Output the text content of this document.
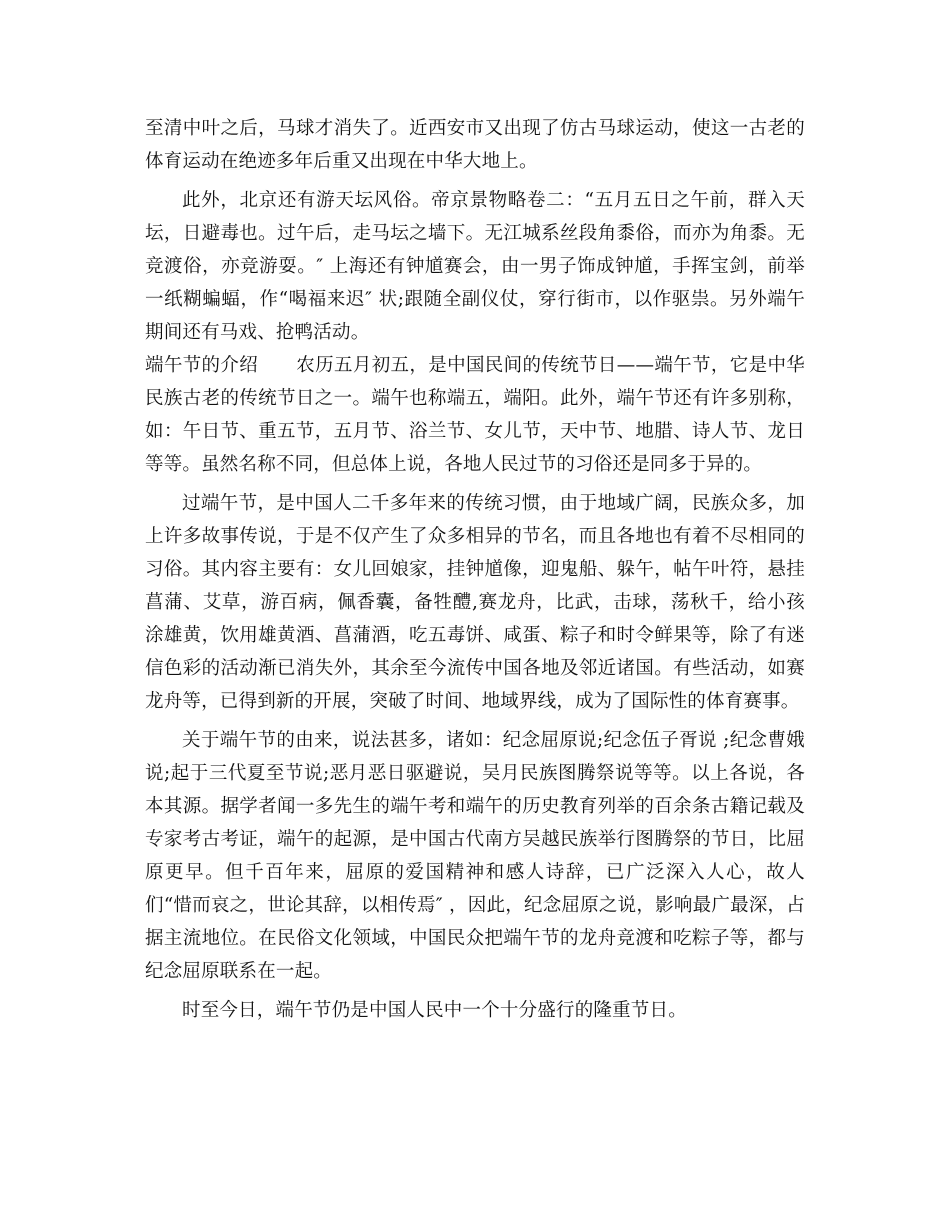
至清中叶之后，马球才消失了。近西安市又出现了仿古马球运动，使这一古老的体育运动在绝迹多年后重又出现在中华大地上。

此外，北京还有游天坛风俗。帝京景物略卷二：“五月五日之午前，群入天坛，日避毒也。过午后，走马坛之墙下。无江城系丝段角黍俗，而亦为角黍。无竞渡俗，亦竞游耍。″ 上海还有钟馗赛会，由一男子饰成钟馗，手挥宝剑，前举一纸糊蝙蝠，作“喝福来迟″ 状;跟随全副仪仗，穿行街市，以作驱祟。另外端午期间还有马戏、抢鸭活动。

端午节的介绍 农历五月初五，是中国民间的传统节日——端午节，它是中华民族古老的传统节日之一。端午也称端五，端阳。此外，端午节还有许多别称，如：午日节、重五节，五月节、浴兰节、女儿节，天中节、地腊、诗人节、龙日等等。虽然名称不同，但总体上说，各地人民过节的习俗还是同多于异的。

过端午节，是中国人二千多年来的传统习惯，由于地域广阔，民族众多，加上许多故事传说，于是不仅产生了众多相异的节名，而且各地也有着不尽相同的习俗。其内容主要有：女儿回娘家，挂钟馗像，迎鬼船、躲午，帖午叶符，悬挂菖蒲、艾草，游百病，佩香囊，备牲醴,赛龙舟，比武，击球，荡秋千，给小孩涂雄黄，饮用雄黄酒、菖蒲酒，吃五毒饼、咸蛋、粽子和时令鲜果等，除了有迷信色彩的活动渐已消失外，其余至今流传中国各地及邻近诸国。有些活动，如赛龙舟等，已得到新的开展，突破了时间、地域界线，成为了国际性的体育赛事。

关于端午节的由来，说法甚多，诸如：纪念屈原说;纪念伍子胥说 ;纪念曹娥说;起于三代夏至节说;恶月恶日驱避说，吴月民族图腾祭说等等。以上各说，各本其源。据学者闻一多先生的端午考和端午的历史教育列举的百余条古籍记载及专家考古考证，端午的起源，是中国古代南方吴越民族举行图腾祭的节日，比屈原更早。但千百年来，屈原的爱国精神和感人诗辞，已广泛深入人心，故人们“惜而哀之，世论其辞，以相传焉″ ，因此，纪念屈原之说，影响最广最深，占据主流地位。在民俗文化领域，中国民众把端午节的龙舟竞渡和吃粽子等，都与纪念屈原联系在一起。

时至今日，端午节仍是中国人民中一个十分盛行的隆重节日。
